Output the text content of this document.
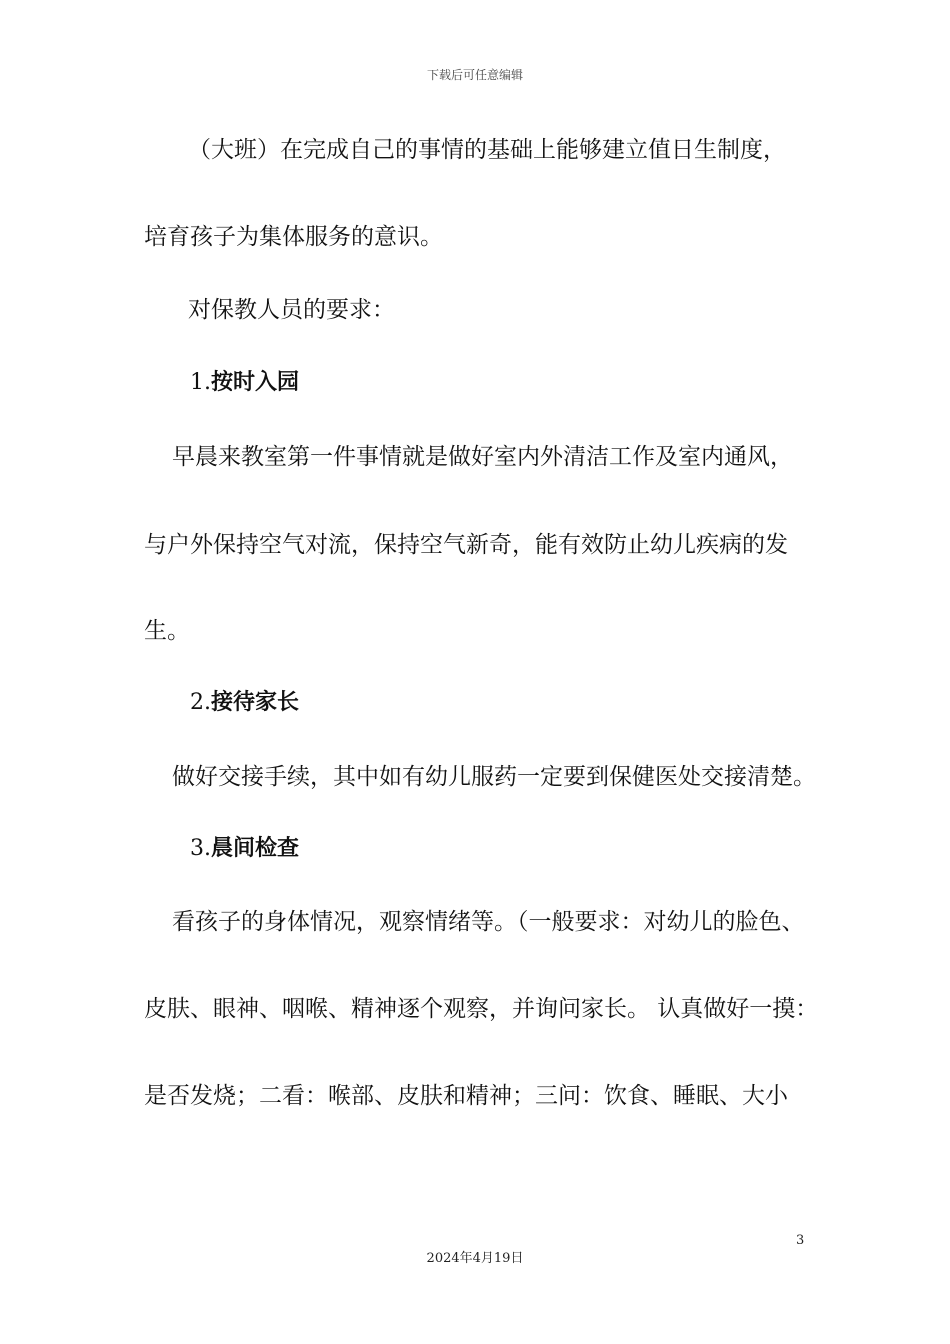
下载后可任意编辑
（大班）在完成自己的事情的基础上能够建立值日生制度，
培育孩子为集体服务的意识。
对保教人员的要求：
1.按时入园
早晨来教室第一件事情就是做好室内外清洁工作及室内通风，
与户外保持空气对流，保持空气新奇，能有效防止幼儿疾病的发
生。
2.接待家长
做好交接手续，其中如有幼儿服药一定要到保健医处交接清楚。
3.晨间检查
看孩子的身体情况，观察情绪等。（一般要求：对幼儿的脸色、
皮肤、眼神、咽喉、精神逐个观察，并询问家长。 认真做好一摸：
是否发烧；二看：喉部、皮肤和精神；三问：饮食、睡眠、大小
3
2024年4月19日
